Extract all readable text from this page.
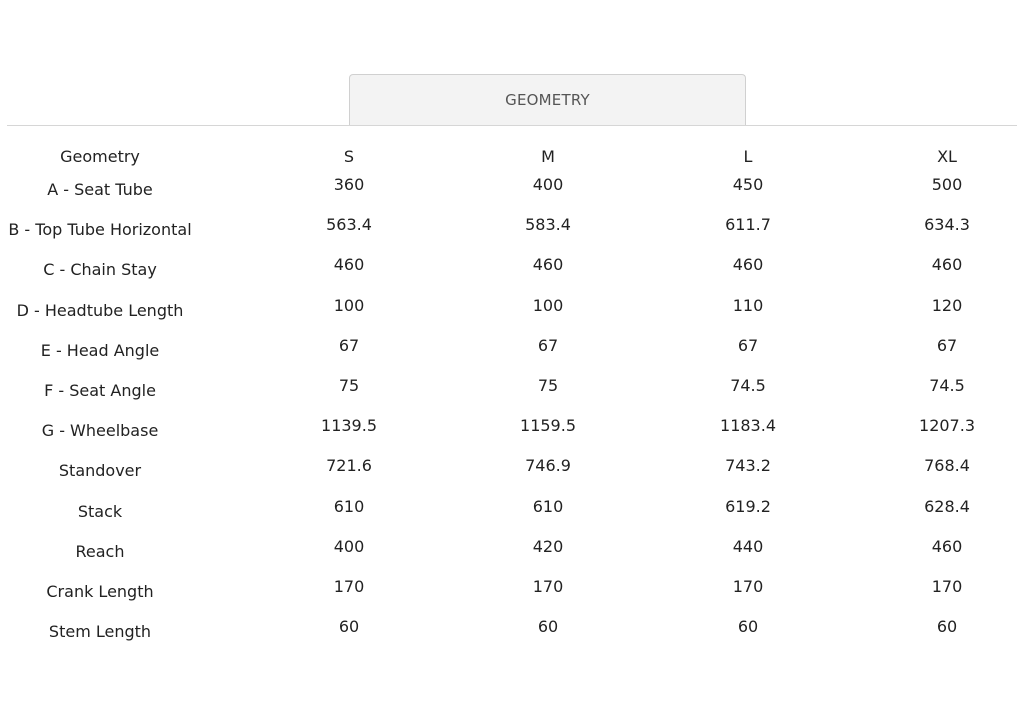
GEOMETRY
Geometry	S	M	L	XL
A - Seat Tube	360	400	450	500
B - Top Tube Horizontal	563.4	583.4	611.7	634.3
C - Chain Stay	460	460	460	460
D - Headtube Length	100	100	110	120
E - Head Angle	67	67	67	67
F - Seat Angle	75	75	74.5	74.5
G - Wheelbase	1139.5	1159.5	1183.4	1207.3
Standover	721.6	746.9	743.2	768.4
Stack	610	610	619.2	628.4
Reach	400	420	440	460
Crank Length	170	170	170	170
Stem Length	60	60	60	60
